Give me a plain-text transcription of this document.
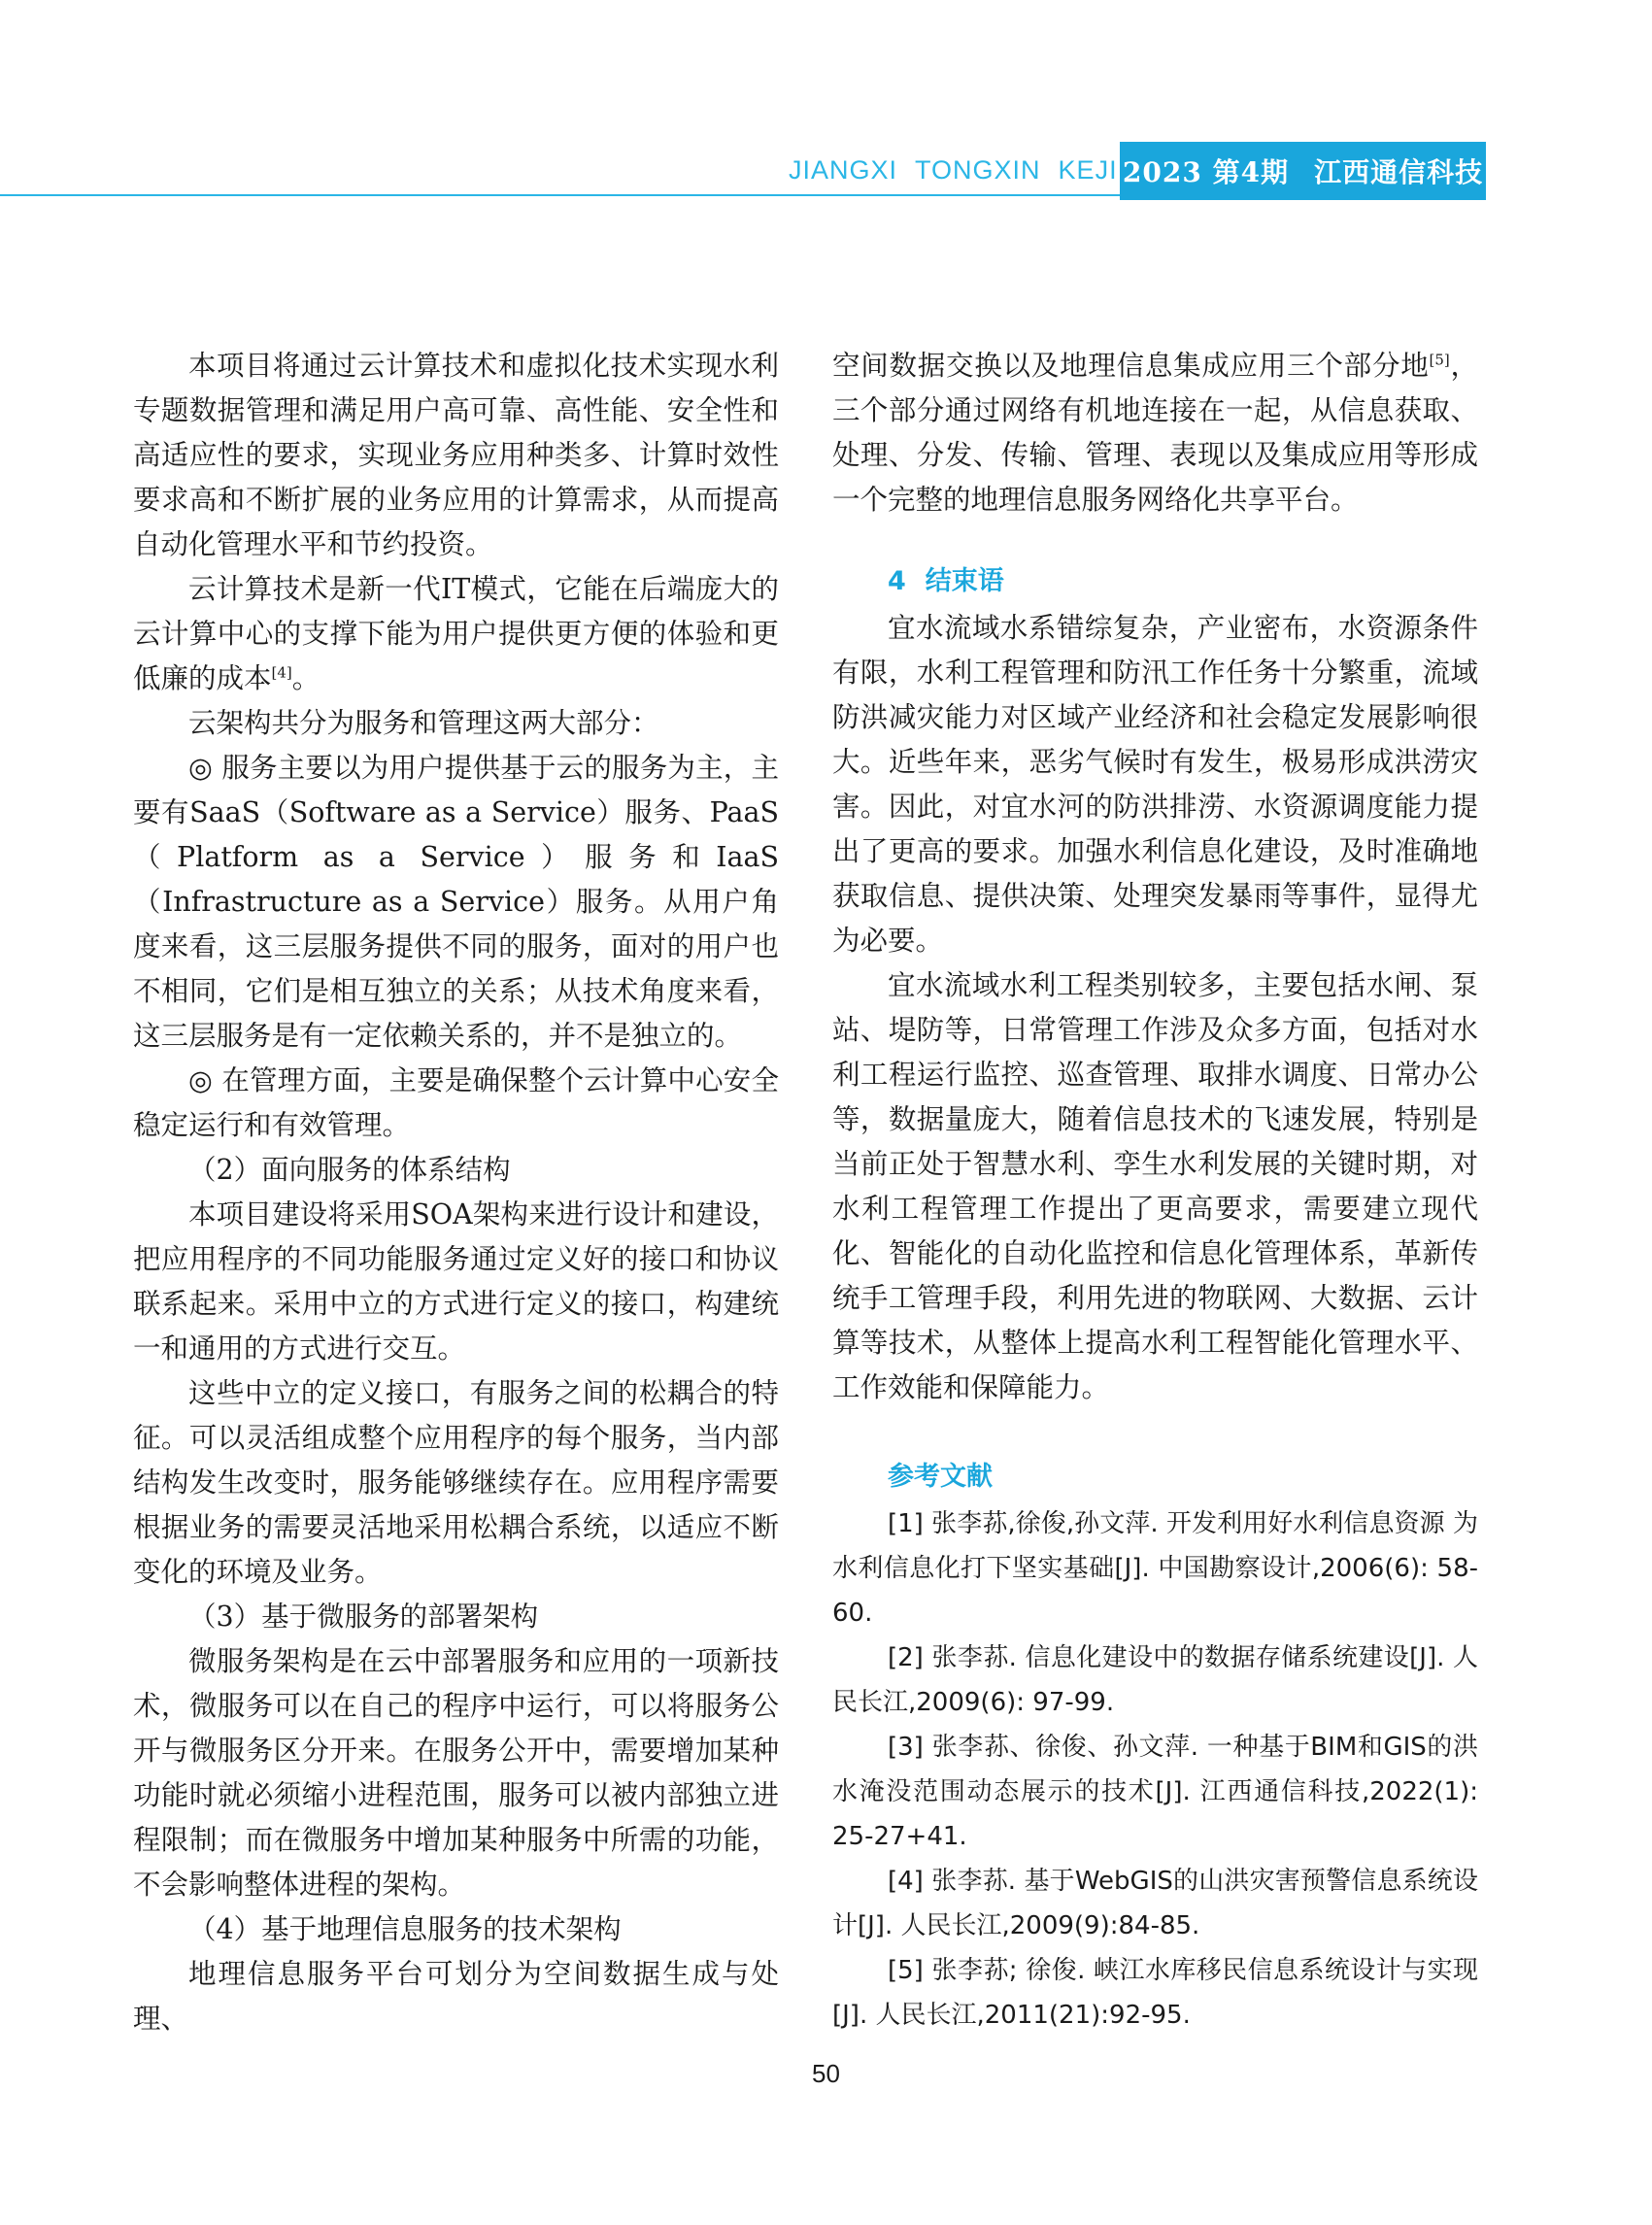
JIANGXI TONGXIN KEJI 2023 第4期 江西通信科技

本项目将通过云计算技术和虚拟化技术实现水利专题数据管理和满足用户高可靠、高性能、安全性和高适应性的要求，实现业务应用种类多、计算时效性要求高和不断扩展的业务应用的计算需求，从而提高自动化管理水平和节约投资。

云计算技术是新一代IT模式，它能在后端庞大的云计算中心的支撑下能为用户提供更方便的体验和更低廉的成本[4]。

云架构共分为服务和管理这两大部分：

◎ 服务主要以为用户提供基于云的服务为主，主要有SaaS（Software as a Service）服务、PaaS（Platform as a Service）服务和IaaS（Infrastructure as a Service）服务。从用户角度来看，这三层服务提供不同的服务，面对的用户也不相同，它们是相互独立的关系；从技术角度来看，这三层服务是有一定依赖关系的，并不是独立的。

◎ 在管理方面，主要是确保整个云计算中心安全稳定运行和有效管理。

（2）面向服务的体系结构

本项目建设将采用SOA架构来进行设计和建设，把应用程序的不同功能服务通过定义好的接口和协议联系起来。采用中立的方式进行定义的接口，构建统一和通用的方式进行交互。

这些中立的定义接口，有服务之间的松耦合的特征。可以灵活组成整个应用程序的每个服务，当内部结构发生改变时，服务能够继续存在。应用程序需要根据业务的需要灵活地采用松耦合系统，以适应不断变化的环境及业务。

（3）基于微服务的部署架构

微服务架构是在云中部署服务和应用的一项新技术，微服务可以在自己的程序中运行，可以将服务公开与微服务区分开来。在服务公开中，需要增加某种功能时就必须缩小进程范围，服务可以被内部独立进程限制；而在微服务中增加某种服务中所需的功能，不会影响整体进程的架构。

（4）基于地理信息服务的技术架构

地理信息服务平台可划分为空间数据生成与处理、

空间数据交换以及地理信息集成应用三个部分地[5]，三个部分通过网络有机地连接在一起，从信息获取、处理、分发、传输、管理、表现以及集成应用等形成一个完整的地理信息服务网络化共享平台。

4 结束语

宜水流域水系错综复杂，产业密布，水资源条件有限，水利工程管理和防汛工作任务十分繁重，流域防洪减灾能力对区域产业经济和社会稳定发展影响很大。近些年来，恶劣气候时有发生，极易形成洪涝灾害。因此，对宜水河的防洪排涝、水资源调度能力提出了更高的要求。加强水利信息化建设，及时准确地获取信息、提供决策、处理突发暴雨等事件，显得尤为必要。

宜水流域水利工程类别较多，主要包括水闸、泵站、堤防等，日常管理工作涉及众多方面，包括对水利工程运行监控、巡查管理、取排水调度、日常办公等，数据量庞大，随着信息技术的飞速发展，特别是当前正处于智慧水利、孪生水利发展的关键时期，对水利工程管理工作提出了更高要求，需要建立现代化、智能化的自动化监控和信息化管理体系，革新传统手工管理手段，利用先进的物联网、大数据、云计算等技术，从整体上提高水利工程智能化管理水平、工作效能和保障能力。

参考文献

[1] 张李荪,徐俊,孙文萍. 开发利用好水利信息资源 为水利信息化打下坚实基础[J]. 中国勘察设计,2006(6): 58-60.

[2] 张李荪. 信息化建设中的数据存储系统建设[J]. 人民长江,2009(6): 97-99.

[3] 张李荪、徐俊、孙文萍. 一种基于BIM和GIS的洪水淹没范围动态展示的技术[J]. 江西通信科技,2022(1): 25-27+41.

[4] 张李荪. 基于WebGIS的山洪灾害预警信息系统设计[J]. 人民长江,2009(9):84-85.

[5] 张李荪; 徐俊. 峡江水库移民信息系统设计与实现[J]. 人民长江,2011(21):92-95.

50
